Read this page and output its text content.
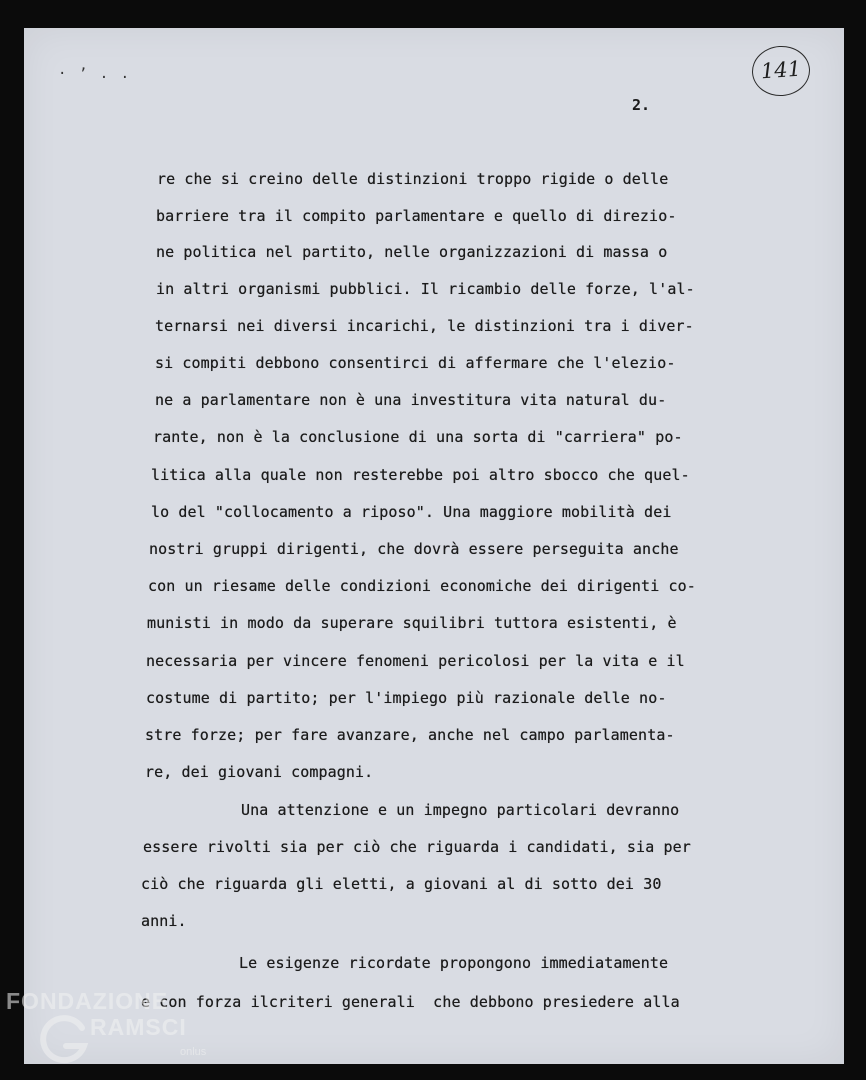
· ʼ . .	141
2.
re che si creino delle distinzioni troppo rigide o delle
barriere tra il compito parlamentare e quello di direzio-
ne politica nel partito, nelle organizzazioni di massa o
in altri organismi pubblici. Il ricambio delle forze, l'al-
ternarsi nei diversi incarichi, le distinzioni tra i diver-
si compiti debbono consentirci di affermare che l'elezio-
ne a parlamentare non è una investitura vita natural du-
rante, non è la conclusione di una sorta di "carriera" po-
litica alla quale non resterebbe poi altro sbocco che quel-
lo del "collocamento a riposo". Una maggiore mobilità dei
nostri gruppi dirigenti, che dovrà essere perseguita anche
con un riesame delle condizioni economiche dei dirigenti co-
munisti in modo da superare squilibri tuttora esistenti, è
necessaria per vincere fenomeni pericolosi per la vita e il
costume di partito; per l'impiego più razionale delle no-
stre forze; per fare avanzare, anche nel campo parlamenta-
re, dei giovani compagni.
Una attenzione e un impegno particolari devranno
essere rivolti sia per ciò che riguarda i candidati, sia per
ciò che riguarda gli eletti, a giovani al di sotto dei 30
anni.
Le esigenze ricordate propongono immediatamente
e con forza ilcriteri generali  che debbono presiedere alla
FONDAZIONE
RAMSCI
onlus
